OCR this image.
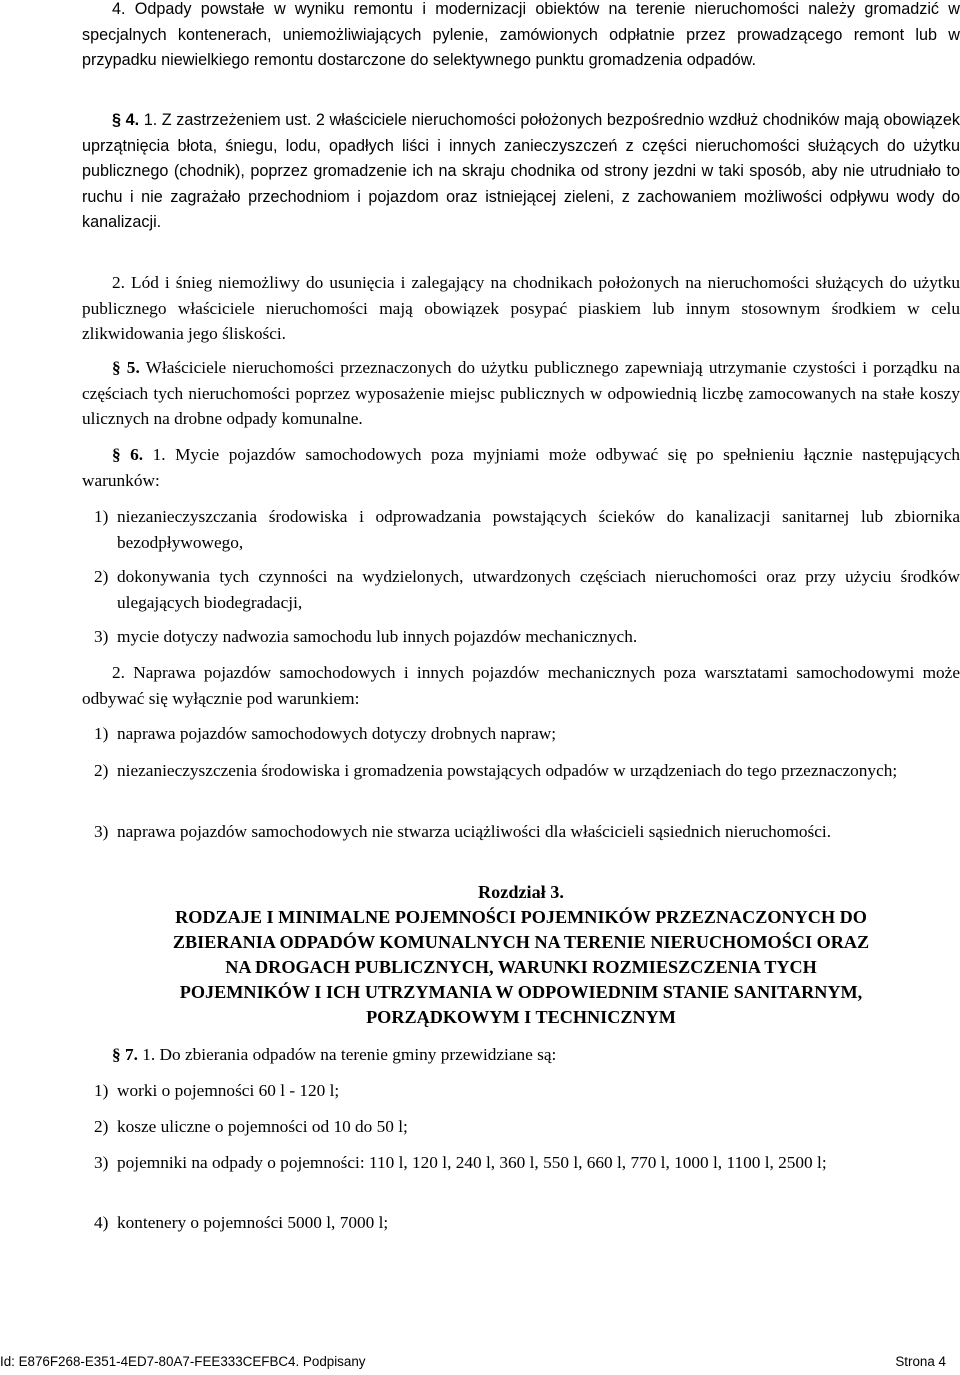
4. Odpady powstałe w wyniku remontu i modernizacji obiektów na terenie nieruchomości należy gromadzić w specjalnych kontenerach, uniemożliwiających pylenie, zamówionych odpłatnie przez prowadzącego remont lub w przypadku niewielkiego remontu dostarczone do selektywnego punktu gromadzenia odpadów.

§ 4. 1. Z zastrzeżeniem ust. 2 właściciele nieruchomości położonych bezpośrednio wzdłuż chodników mają obowiązek uprzątnięcia błota, śniegu, lodu, opadłych liści i innych zanieczyszczeń z części nieruchomości służących do użytku publicznego (chodnik), poprzez gromadzenie ich na skraju chodnika od strony jezdni w taki sposób, aby nie utrudniało to ruchu i nie zagrażało przechodniom i pojazdom oraz istniejącej zieleni, z zachowaniem możliwości odpływu wody do kanalizacji.

2. Lód i śnieg niemożliwy do usunięcia i zalegający na chodnikach położonych na nieruchomości służących do użytku publicznego właściciele nieruchomości mają obowiązek posypać piaskiem lub innym stosownym środkiem w celu zlikwidowania jego śliskości.

§ 5. Właściciele nieruchomości przeznaczonych do użytku publicznego zapewniają utrzymanie czystości i porządku na częściach tych nieruchomości poprzez wyposażenie miejsc publicznych w odpowiednią liczbę zamocowanych na stałe koszy ulicznych na drobne odpady komunalne.

§ 6. 1. Mycie pojazdów samochodowych poza myjniami może odbywać się po spełnieniu łącznie następujących warunków:

1) niezanieczyszczania środowiska i odprowadzania powstających ścieków do kanalizacji sanitarnej lub zbiornika bezodpływowego,
2) dokonywania tych czynności na wydzielonych, utwardzonych częściach nieruchomości oraz przy użyciu środków ulegających biodegradacji,
3) mycie dotyczy nadwozia samochodu lub innych pojazdów mechanicznych.

2. Naprawa pojazdów samochodowych i innych pojazdów mechanicznych poza warsztatami samochodowymi może odbywać się wyłącznie pod warunkiem:

1) naprawa pojazdów samochodowych dotyczy drobnych napraw;
2) niezanieczyszczenia środowiska i gromadzenia powstających odpadów w urządzeniach do tego przeznaczonych;
3) naprawa pojazdów samochodowych nie stwarza uciążliwości dla właścicieli sąsiednich nieruchomości.

Rozdział 3.

RODZAJE I MINIMALNE POJEMNOŚCI POJEMNIKÓW PRZEZNACZONYCH DO

ZBIERANIA ODPADÓW KOMUNALNYCH NA TERENIE NIERUCHOMOŚCI ORAZ

NA DROGACH PUBLICZNYCH, WARUNKI ROZMIESZCZENIA TYCH

POJEMNIKÓW I ICH UTRZYMANIA W ODPOWIEDNIM STANIE SANITARNYM,

PORZĄDKOWYM I TECHNICZNYM

§ 7. 1. Do zbierania odpadów na terenie gminy przewidziane są:

1) worki o pojemności 60 l - 120 l;
2) kosze uliczne o pojemności od 10 do 50 l;
3) pojemniki na odpady o pojemności: 110 l, 120 l, 240 l, 360 l, 550 l, 660 l, 770 l, 1000 l, 1100 l, 2500 l;
4) kontenery o pojemności 5000 l, 7000 l;
Id: E876F268-E351-4ED7-80A7-FEE333CEFBC4. Podpisany	Strona 4
